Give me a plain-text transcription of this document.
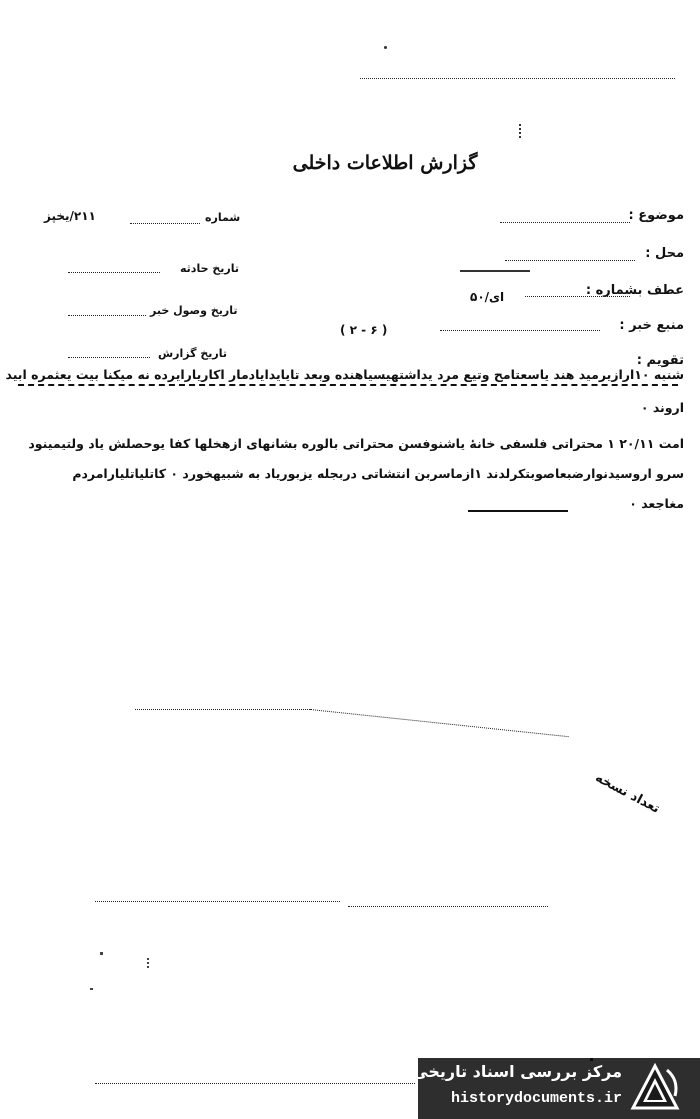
گزارش اطلاعات داخلی
موضوع :
محل :
عطف بشماره :
ای/۵۰
منبع خبر :
( ۲ - ۶ )
تقویم :
شماره
۲۱۱/یخپز
تاریخ حادثه
تاریخ وصول خبر
تاریخ گزارش
شنبه ۱۰ارازیرمید هند یاسعتامح وتیع مرد یداشتهیسیاهنده وبعد تایایدایادمار اکاریارایرده نه میکنا بیت یعثمره ابید
اروند ۰
امت ۲۰/۱۱ ۱ محتراتی فلسفی خانهٔ یاشنوفسن محتراتی بالوره بشانهای ازهخلها کفا یوحصلش یاد ولتیمینود
سرو اروسیدنوارضبعاصوبتکرلدند ۱ازماسربن انتشاتی دربجله یزبوریاد به شبیهخورد ۰ کاتلیاتلیارامردم
مغاجعد ۰
تعداد نسخه
مرکز بررسی اسناد تاریخی
historydocuments.ir
